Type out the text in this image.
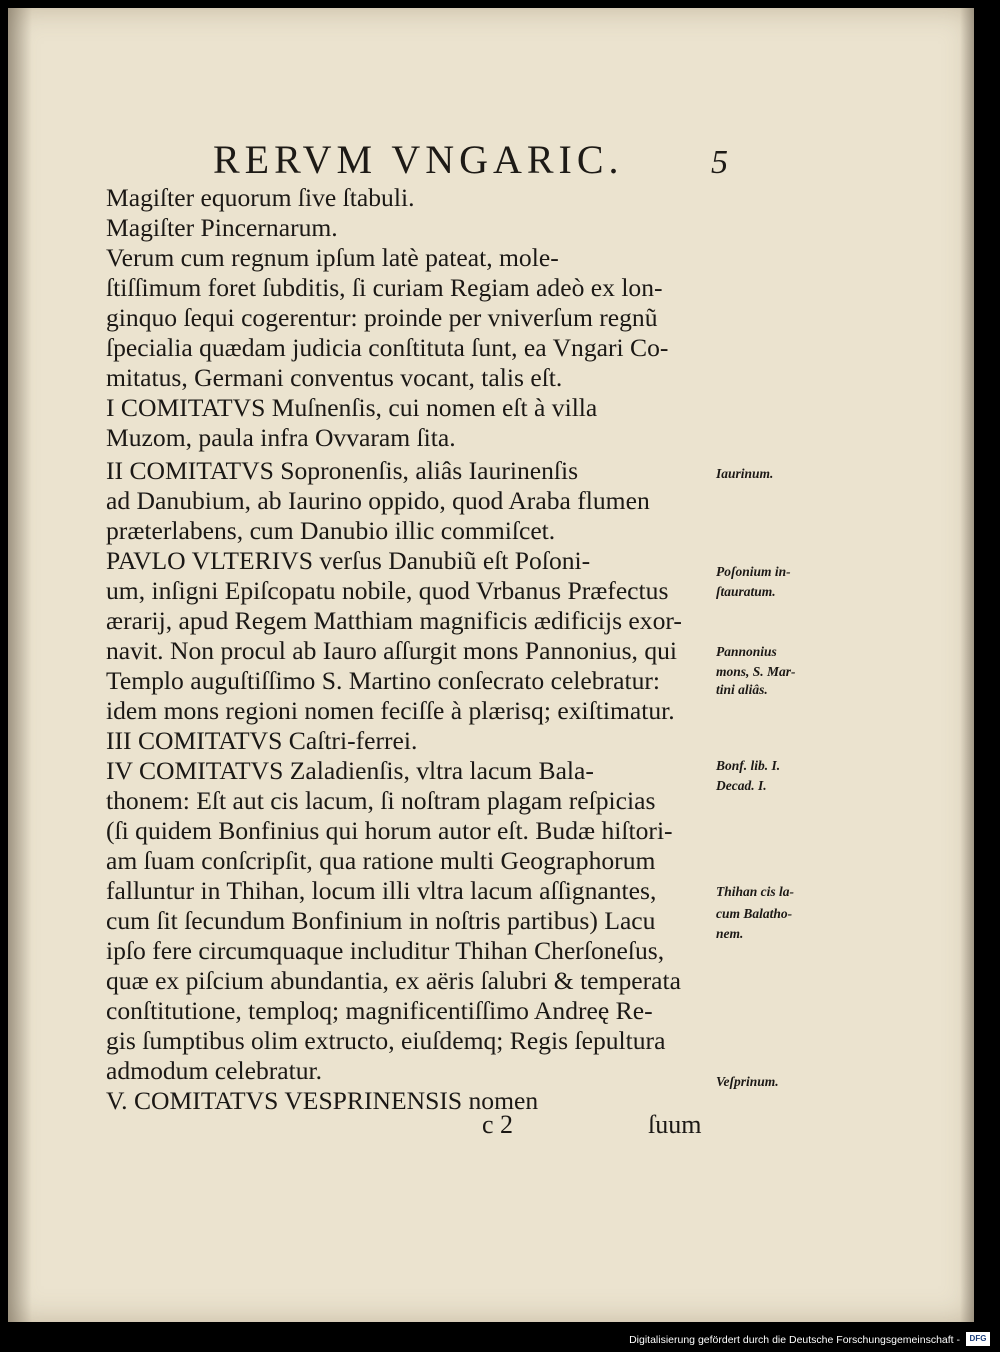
RERVM VNGARIC.	5
Magiſter equorum ſive ſtabuli.
Magiſter Pincernarum.
Verum cum regnum ipſum latè pateat, mole-
ſtiſſimum foret ſubditis, ſi curiam Regiam adeò ex lon-
ginquo ſequi cogerentur: proinde per vniverſum regnũ
ſpecialia quædam judicia conſtituta ſunt, ea Vngari Co-
mitatus, Germani conventus vocant, talis eſt.
I COMITATVS Muſnenſis, cui nomen eſt à villa
Muzom, paula infra Ovvaram ſita.
II COMITATVS Sopronenſis, aliâs Iaurinenſis
ad Danubium, ab Iaurino oppido, quod Araba flumen
præterlabens, cum Danubio illic commiſcet.
PAVLO VLTERIVS verſus Danubiũ eſt Poſoni-
um, inſigni Epiſcopatu nobile, quod Vrbanus Præfectus
ærarij, apud Regem Matthiam magnificis ædificijs exor-
navit. Non procul ab Iauro aſſurgit mons Pannonius, qui
Templo auguſtiſſimo S. Martino conſecrato celebratur:
idem mons regioni nomen feciſſe à plærisq; exiſtimatur.
III COMITATVS Caſtri-ferrei.
IV COMITATVS Zaladienſis, vltra lacum Bala-
thonem: Eſt aut cis lacum, ſi noſtram plagam reſpicias
(ſi quidem Bonfinius qui horum autor eſt. Budæ hiſtori-
am ſuam conſcripſit, qua ratione multi Geographorum
falluntur in Thihan, locum illi vltra lacum aſſignantes,
cum ſit ſecundum Bonfinium in noſtris partibus) Lacu
ipſo fere circumquaque includitur Thihan Cherſoneſus,
quæ ex piſcium abundantia, ex aëris ſalubri & temperata
conſtitutione, temploq; magnificentiſſimo Andreę Re-
gis ſumptibus olim extructo, eiuſdemq; Regis ſepultura
admodum celebratur.
V. COMITATVS VESPRINENSIS nomen
Iaurinum.
Poſonium in-
ſtauratum.
Pannonius
mons, S. Mar-
tini aliâs.
Bonf. lib. I.
Decad. I.
Thihan cis la-
cum Balatho-
nem.
Veſprinum.
c 2	ſuum
Digitalisierung gefördert durch die Deutsche Forschungsgemeinschaft -	DFG
